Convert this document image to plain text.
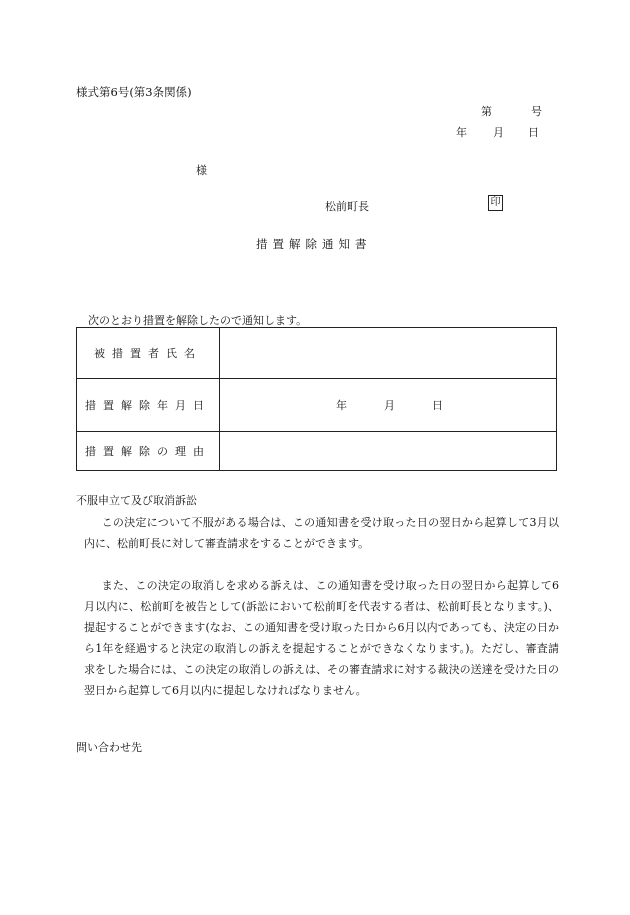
様式第6号(第3条関係)
第	号
年 月 日
様
松前町長	印
措置解除通知書
次のとおり措置を解除したので通知します。
被措置者氏名	
措置解除年月日	年 月 日

措置解除の理由	
不服申立て及び取消訴訟

この決定について不服がある場合は、この通知書を受け取った日の翌日から起算して3月以内に、松前町長に対して審査請求をすることができます。

また、この決定の取消しを求める訴えは、この通知書を受け取った日の翌日から起算して6月以内に、松前町を被告として(訴訟において松前町を代表する者は、松前町長となります。)、提起することができます(なお、この通知書を受け取った日から6月以内であっても、決定の日から1年を経過すると決定の取消しの訴えを提起することができなくなります。)。ただし、審査請求をした場合には、この決定の取消しの訴えは、その審査請求に対する裁決の送達を受けた日の翌日から起算して6月以内に提起しなければなりません。

問い合わせ先
